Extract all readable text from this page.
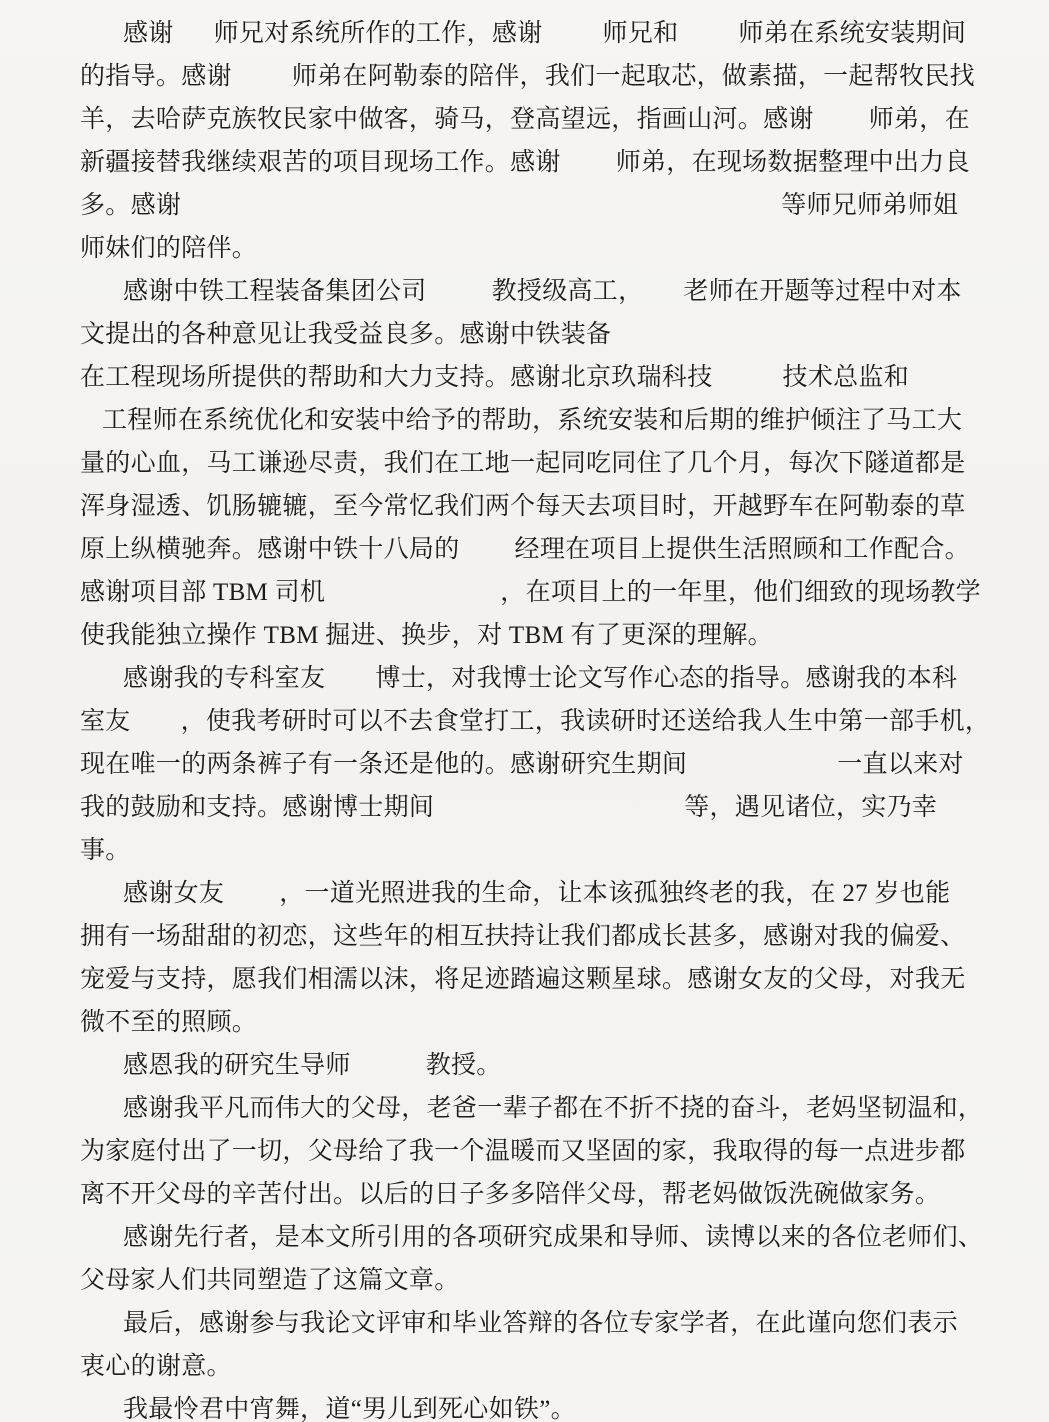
感谢 师兄对系统所作的工作，感谢 师兄和 师弟在系统安装期间
的指导。感谢 师弟在阿勒泰的陪伴，我们一起取芯，做素描，一起帮牧民找
羊，去哈萨克族牧民家中做客，骑马，登高望远，指画山河。感谢 师弟，在
新疆接替我继续艰苦的项目现场工作。感谢 师弟，在现场数据整理中出力良
多。感谢	等师兄师弟师姐
师妹们的陪伴。
感谢中铁工程装备集团公司	教授级高工， 老师在开题等过程中对本
文提出的各种意见让我受益良多。感谢中铁装备
在工程现场所提供的帮助和大力支持。感谢北京玖瑞科技	技术总监和
工程师在系统优化和安装中给予的帮助，系统安装和后期的维护倾注了马工大
量的心血，马工谦逊尽责，我们在工地一起同吃同住了几个月，每次下隧道都是
浑身湿透、饥肠辘辘，至今常忆我们两个每天去项目时，开越野车在阿勒泰的草
原上纵横驰奔。感谢中铁十八局的 经理在项目上提供生活照顾和工作配合。
感谢项目部 TBM 司机	，在项目上的一年里，他们细致的现场教学
使我能独立操作 TBM 掘进、换步，对 TBM 有了更深的理解。
感谢我的专科室友 博士，对我博士论文写作心态的指导。感谢我的本科
室友 ，使我考研时可以不去食堂打工，我读研时还送给我人生中第一部手机，
现在唯一的两条裤子有一条还是他的。感谢研究生期间	一直以来对
我的鼓励和支持。感谢博士期间	等，遇见诸位，实乃幸
事。
感谢女友 ，一道光照进我的生命，让本该孤独终老的我，在 27 岁也能
拥有一场甜甜的初恋，这些年的相互扶持让我们都成长甚多，感谢对我的偏爱、
宠爱与支持，愿我们相濡以沫，将足迹踏遍这颗星球。感谢女友的父母，对我无
微不至的照顾。
感恩我的研究生导师	教授。
感谢我平凡而伟大的父母，老爸一辈子都在不折不挠的奋斗，老妈坚韧温和，
为家庭付出了一切，父母给了我一个温暖而又坚固的家，我取得的每一点进步都
离不开父母的辛苦付出。以后的日子多多陪伴父母，帮老妈做饭洗碗做家务。
感谢先行者，是本文所引用的各项研究成果和导师、读博以来的各位老师们、
父母家人们共同塑造了这篇文章。
最后，感谢参与我论文评审和毕业答辩的各位专家学者，在此谨向您们表示
衷心的谢意。
我最怜君中宵舞，道“男儿到死心如铁”。
